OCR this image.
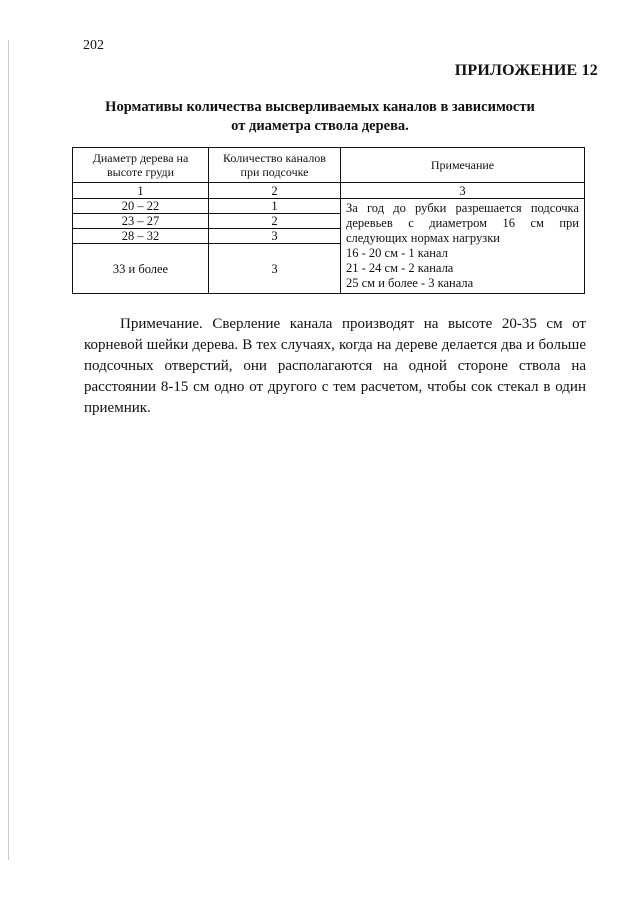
202
ПРИЛОЖЕНИЕ 12
Нормативы количества высверливаемых каналов в зависимости
от диаметра ствола дерева.
Диаметр дерева на высоте груди	Количество каналов при подсочке	Примечание
1	2	3
20 – 22	1	За год до рубки разрешается подсочка деревьев с диаметром 16 см при следующих нормах нагрузки
16 - 20 см - 1 канал
21 - 24 см - 2 канала
25 см и более - 3 канала

23 – 27	2	
28 – 32	3	
33 и более	3	

Примечание. Сверление канала производят на высоте 20-35 см от корневой шейки дерева. В тех случаях, когда на дереве делается два и больше подсочных отверстий, они располагаются на одной стороне ствола на расстоянии 8-15 см одно от другого с тем расчетом, чтобы сок стекал в один приемник.
